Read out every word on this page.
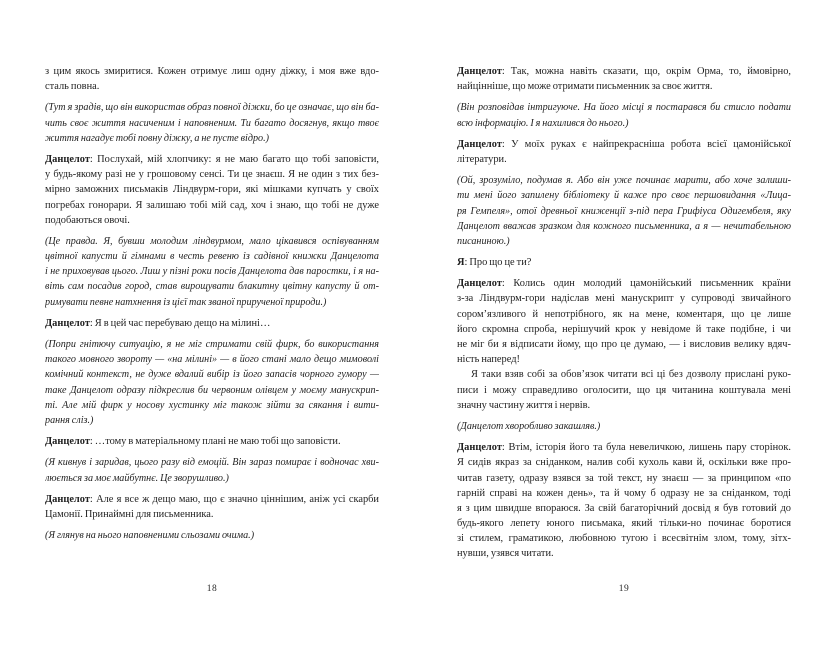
з цим якось змиритися. Кожен отримує лиш одну діжку, і моя вже вдо-
сталь повна.
(Тут я зрадів, що він використав образ повної діжки, бо це означає, що він ба-
чить своє життя насиченим і наповненим. Ти багато досягнув, якщо твоє
життя нагадує тобі повну діжку, а не пусте відро.)
Данцелот: Послухай, мій хлопчику: я не маю багато що тобі заповісти,
у будь-якому разі не у грошовому сенсі. Ти це знаєш. Я не один з тих без-
мірно заможних письмаків Ліндвурм-гори, які мішками купчать у своїх
погребах гонорари. Я залишаю тобі мій сад, хоч і знаю, що тобі не дуже
подобаються овочі.
(Це правда. Я, бувши молодим ліндвурмом, мало цікавився оспівуванням
цвітної капусти й гімнами в честь ревеню із садівної книжки Данцелота
і не приховував цього. Лиш у пізні роки посів Данцелота дав паростки, і я на-
віть сам посадив город, став вирощувати блакитну цвітну капусту й от-
римувати певне натхнення із цієї так званої прирученої природи.)
Данцелот: Я в цей час перебуваю дещо на мілині…
(Попри гнітючу ситуацію, я не міг стримати свій фирк, бо використання
такого мовного звороту — «на мілині» — в його стані мало дещо мимоволі
комічний контекст, не дуже вдалий вибір із його запасів чорного гумору —
таке Данцелот одразу підкреслив би червоним олівцем у моєму манускрип-
ті. Але мій фирк у носову хустинку міг також зійти за сякання і вити-
рання сліз.)
Данцелот: …тому в матеріальному плані не маю тобі що заповісти.
(Я кивнув і заридав, цього разу від емоцій. Він зараз помирає і водночас хви-
люється за моє майбутнє. Це зворушливо.)
Данцелот: Але я все ж дещо маю, що є значно ціннішим, аніж усі скарби
Цамонії. Принаймні для письменника.
(Я глянув на нього наповненими сльозами очима.)
Данцелот: Так, можна навіть сказати, що, окрім Орма, то, ймовірно,
найцінніше, що може отримати письменник за своє життя.
(Він розповідав інтригуюче. На його місці я постарався би стисло подати
всю інформацію. І я нахилився до нього.)
Данцелот: У моїх руках є найпрекрасніша робота всієї цамонійської
літератури.
(Ой, зрозуміло, подумав я. Або він уже починає марити, або хоче залиши-
ти мені його запилену бібліотеку й каже про своє першовидання «Лица-
ря Гемпеля», отої древньої книженції з-під пера Грифіуса Одигембеля, яку
Данцелот вважав зразком для кожного письменника, а я — нечитабельною
писаниною.)
Я: Про що це ти?
Данцелот: Колись один молодий цамонійський письменник країни
з-за Ліндвурм-гори надіслав мені манускрипт у супроводі звичайного
сором’язливого й непотрібного, як на мене, коментаря, що це лише
його скромна спроба, нерішучий крок у невідоме й таке подібне, і чи
не міг би я відписати йому, що про це думаю, — і висловив велику вдяч-
ність наперед!
Я таки взяв собі за обов’язок читати всі ці без дозволу прислані руко-
писи і можу справедливо оголосити, що ця читанина коштувала мені
значну частину життя і нервів.
(Данцелот хворобливо закашляв.)
Данцелот: Втім, історія його та була невеличкою, лишень пару сторінок.
Я сидів якраз за сніданком, налив собі кухоль кави й, оскільки вже про-
читав газету, одразу взявся за той текст, ну знаєш — за принципом «по
гарній справі на кожен день», та й чому б одразу не за сніданком, тоді
я з цим швидше впораюся. За свій багаторічний досвід я був готовий до
будь-якого лепету юного письмака, який тільки-но починає боротися
зі стилем, граматикою, любовною тугою і всесвітнім злом, тому, зітх-
нувши, узявся читати.
18	19
